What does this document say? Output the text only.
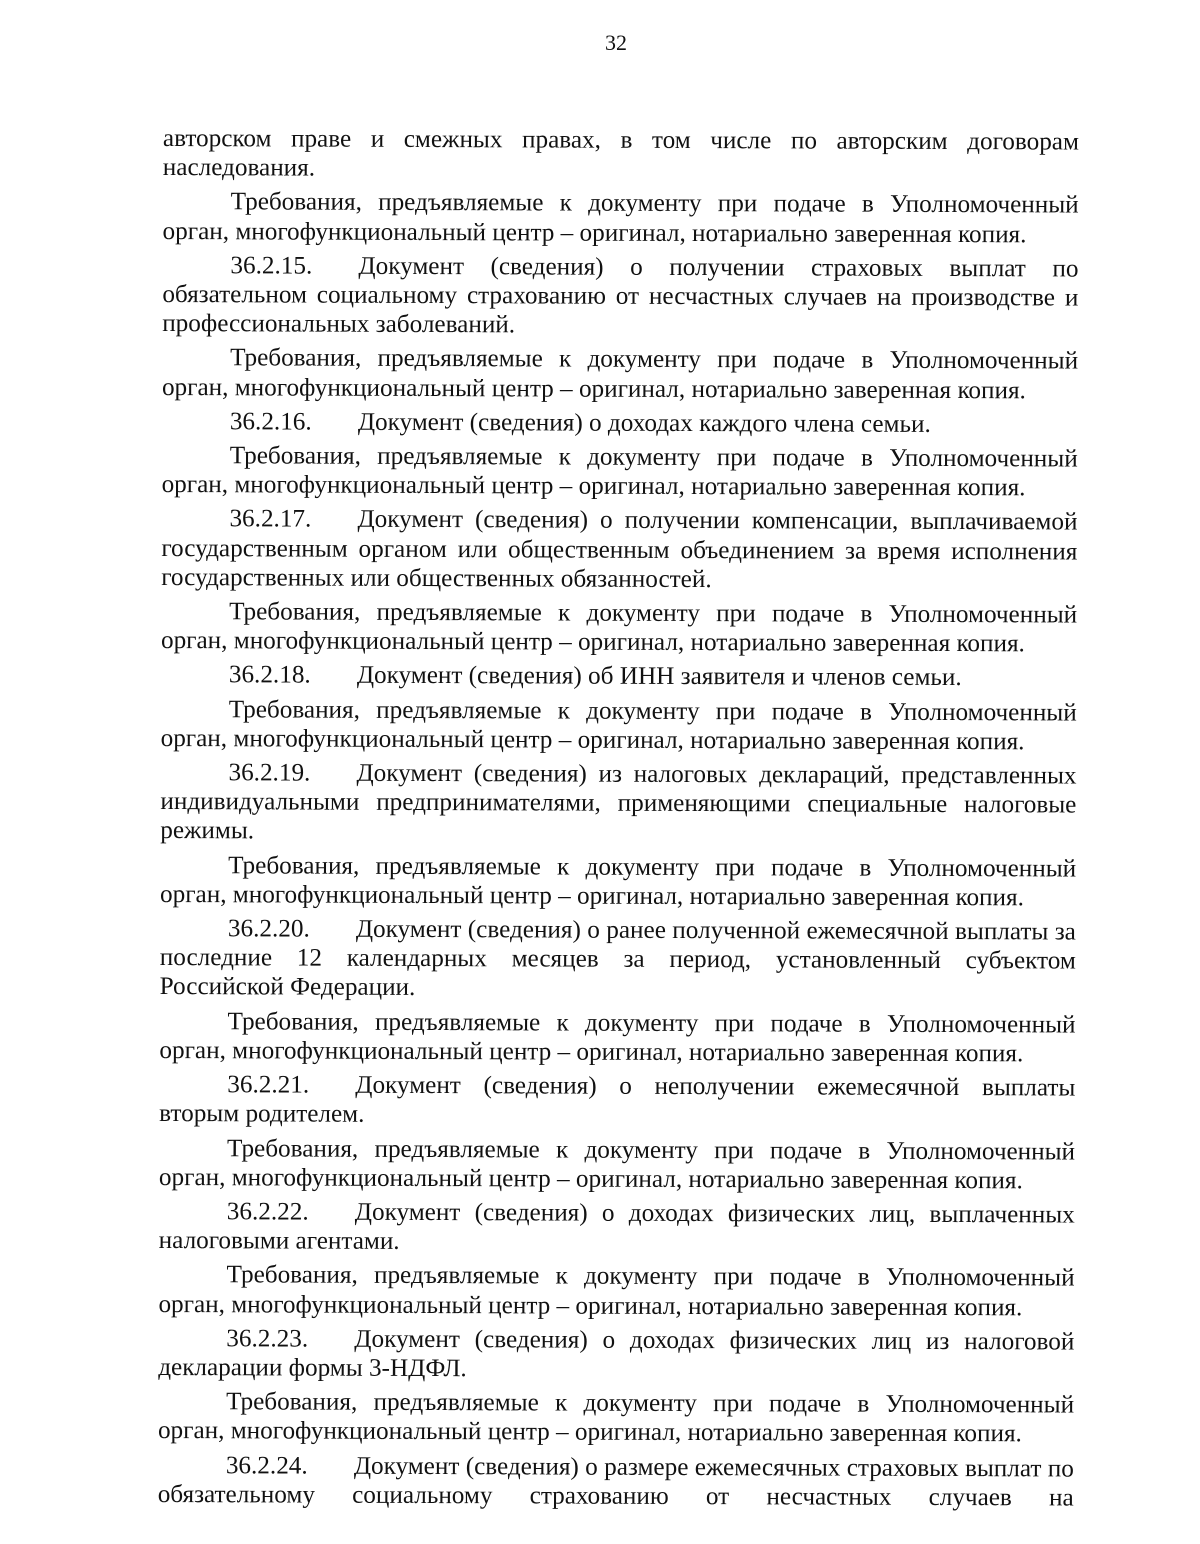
32

авторском праве и смежных правах, в том числе по авторским договорам наследования.

Требования, предъявляемые к документу при подаче в Уполномоченный орган, многофункциональный центр – оригинал, нотариально заверенная копия.

36.2.15. Документ (сведения) о получении страховых выплат по обязательном социальному страхованию от несчастных случаев на производстве и профессиональных заболеваний.

Требования, предъявляемые к документу при подаче в Уполномоченный орган, многофункциональный центр – оригинал, нотариально заверенная копия.

36.2.16. Документ (сведения) о доходах каждого члена семьи.

Требования, предъявляемые к документу при подаче в Уполномоченный орган, многофункциональный центр – оригинал, нотариально заверенная копия.

36.2.17. Документ (сведения) о получении компенсации, выплачиваемой государственным органом или общественным объединением за время исполнения государственных или общественных обязанностей.

Требования, предъявляемые к документу при подаче в Уполномоченный орган, многофункциональный центр – оригинал, нотариально заверенная копия.

36.2.18. Документ (сведения) об ИНН заявителя и членов семьи.

Требования, предъявляемые к документу при подаче в Уполномоченный орган, многофункциональный центр – оригинал, нотариально заверенная копия.

36.2.19. Документ (сведения) из налоговых деклараций, представленных индивидуальными предпринимателями, применяющими специальные налоговые режимы.

Требования, предъявляемые к документу при подаче в Уполномоченный орган, многофункциональный центр – оригинал, нотариально заверенная копия.

36.2.20. Документ (сведения) о ранее полученной ежемесячной выплаты за последние 12 календарных месяцев за период, установленный субъектом Российской Федерации.

Требования, предъявляемые к документу при подаче в Уполномоченный орган, многофункциональный центр – оригинал, нотариально заверенная копия.

36.2.21. Документ (сведения) о неполучении ежемесячной выплаты вторым родителем.

Требования, предъявляемые к документу при подаче в Уполномоченный орган, многофункциональный центр – оригинал, нотариально заверенная копия.

36.2.22. Документ (сведения) о доходах физических лиц, выплаченных налоговыми агентами.

Требования, предъявляемые к документу при подаче в Уполномоченный орган, многофункциональный центр – оригинал, нотариально заверенная копия.

36.2.23. Документ (сведения) о доходах физических лиц из налоговой декларации формы 3-НДФЛ.

Требования, предъявляемые к документу при подаче в Уполномоченный орган, многофункциональный центр – оригинал, нотариально заверенная копия.

36.2.24. Документ (сведения) о размере ежемесячных страховых выплат по обязательному социальному страхованию от несчастных случаев на
